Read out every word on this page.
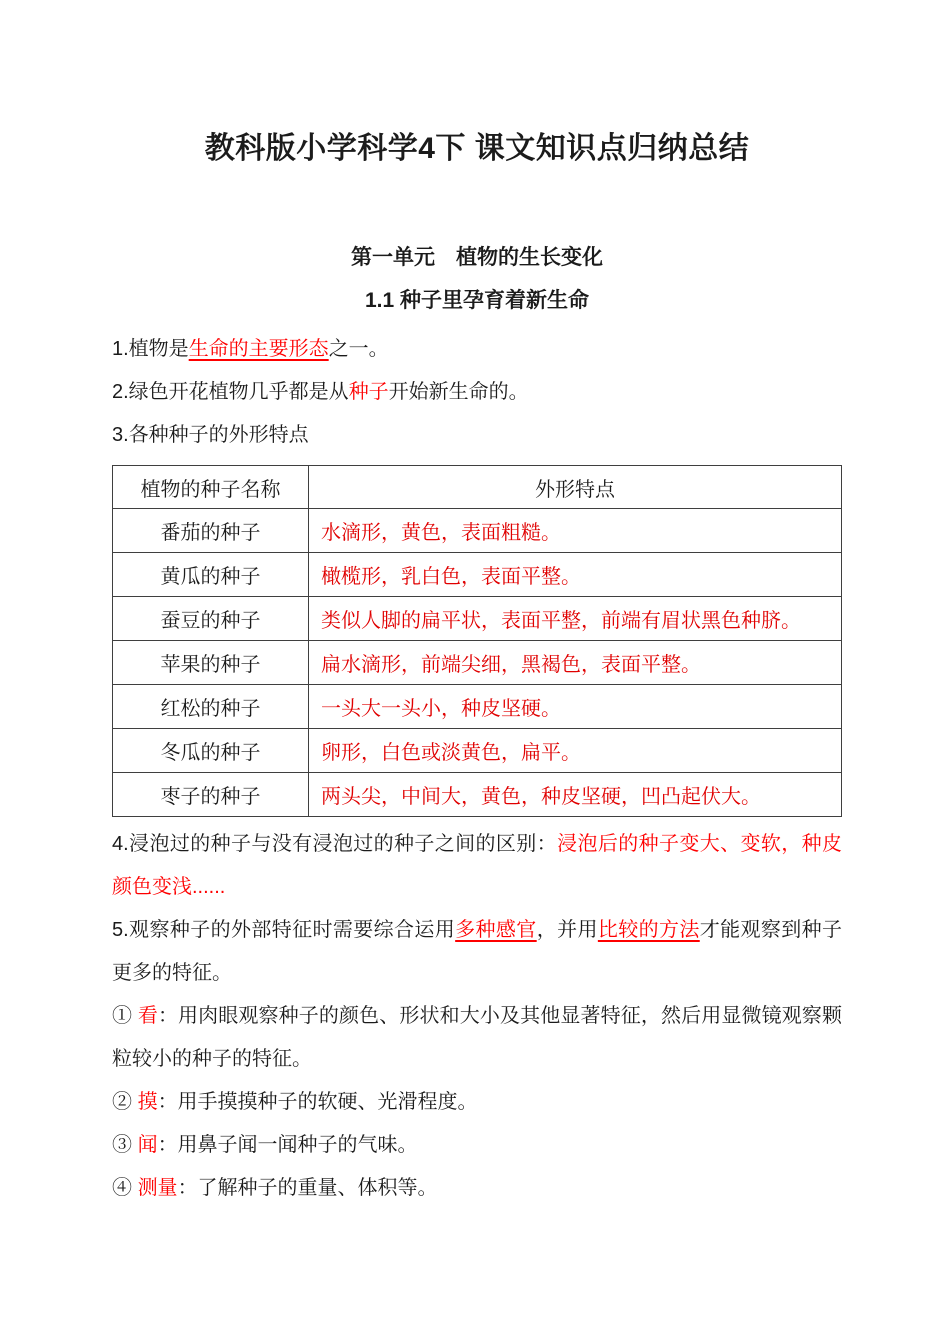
教科版小学科学4下 课文知识点归纳总结
第一单元　植物的生长变化
1.1 种子里孕育着新生命

1.植物是生命的主要形态之一。

2.绿色开花植物几乎都是从种子开始新生命的。

3.各种种子的外形特点

植物的种子名称	外形特点
番茄的种子	水滴形，黄色，表面粗糙。
黄瓜的种子	橄榄形，乳白色，表面平整。
蚕豆的种子	类似人脚的扁平状，表面平整，前端有眉状黑色种脐。
苹果的种子	扁水滴形，前端尖细，黑褐色，表面平整。
红松的种子	一头大一头小，种皮坚硬。
冬瓜的种子	卵形，白色或淡黄色，扁平。
枣子的种子	两头尖，中间大，黄色，种皮坚硬，凹凸起伏大。

4.浸泡过的种子与没有浸泡过的种子之间的区别：浸泡后的种子变大、变软，种皮颜色变浅......

5.观察种子的外部特征时需要综合运用多种感官，并用比较的方法才能观察到种子更多的特征。

① 看：用肉眼观察种子的颜色、形状和大小及其他显著特征，然后用显微镜观察颗粒较小的种子的特征。

② 摸：用手摸摸种子的软硬、光滑程度。

③ 闻：用鼻子闻一闻种子的气味。

④ 测量：了解种子的重量、体积等。
